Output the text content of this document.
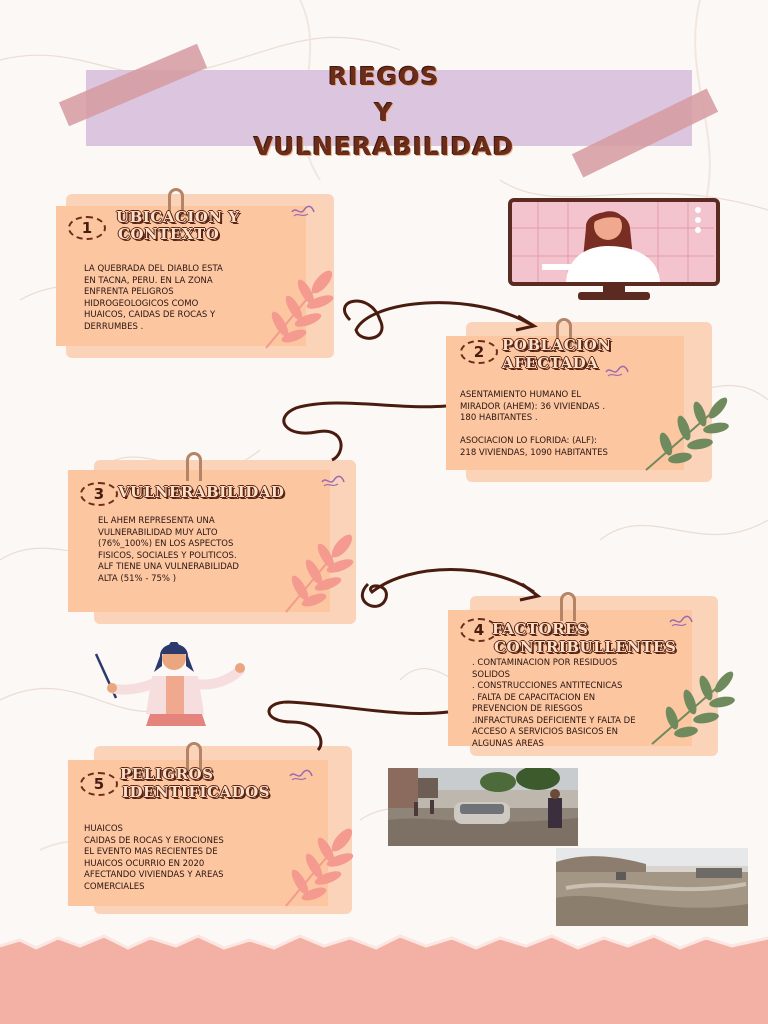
RIEGOS
Y
VULNERABILIDAD
1
UBICACION Y
CONTEXTO
LA QUEBRADA DEL DIABLO ESTA
EN TACNA, PERU. EN LA ZONA
ENFRENTA PELIGROS
HIDROGEOLOGICOS COMO
HUAICOS, CAIDAS DE ROCAS Y
DERRUMBES .
2	POBLACION
AFECTADA
ASENTAMIENTO HUMANO EL
MIRADOR (AHEM): 36 VIVIENDAS .
180 HABITANTES .

ASOCIACION LO FLORIDA: (ALF):
218 VIVIENDAS, 1090 HABITANTES
3 VULNERABILIDAD
EL AHEM REPRESENTA UNA
VULNERABILIDAD MUY ALTO
(76%_100%) EN LOS ASPECTOS
FISICOS, SOCIALES Y POLITICOS.
ALF TIENE UNA VULNERABILIDAD
ALTA (51% - 75% )
4 FACTORES
CONTRIBULLENTES
. CONTAMINACION POR RESIDUOS
SOLIDOS
. CONSTRUCCIONES ANTITECNICAS
. FALTA DE CAPACITACION EN
PREVENCION DE RIESGOS
.INFRACTURAS DEFICIENTE Y FALTA DE
ACCESO A SERVICIOS BASICOS EN
ALGUNAS AREAS
5
PELIGROS
IDENTIFICADOS
HUAICOS
CAIDAS DE ROCAS Y EROCIONES
EL EVENTO MAS RECIENTES DE
HUAICOS OCURRIO EN 2020
AFECTANDO VIVIENDAS Y AREAS
COMERCIALES
